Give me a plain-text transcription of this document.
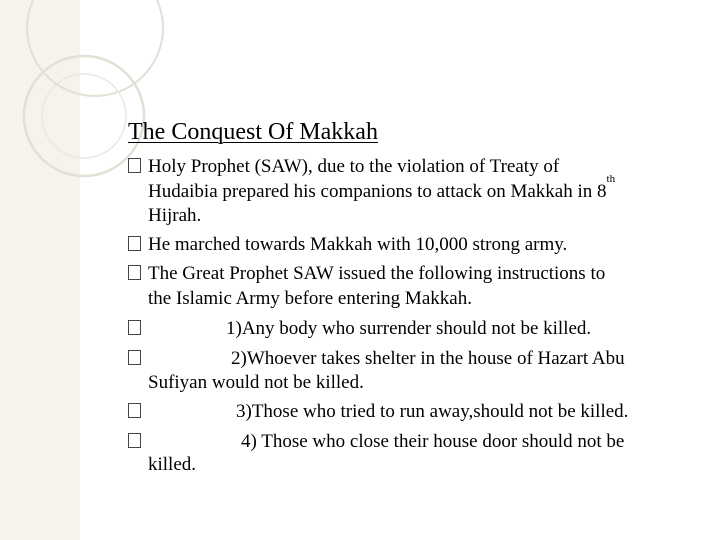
The Conquest Of Makkah
Holy Prophet (SAW), due to the violation of Treaty of
Hudaibia prepared his companions to attack on Makkah in 8th
Hijrah.
He marched towards Makkah with 10,000 strong army.
The Great Prophet SAW issued the following instructions to
the Islamic Army before entering Makkah.
1)Any body who surrender should not be killed.
2)Whoever takes shelter in the house of Hazart Abu
Sufiyan would not be killed.
3)Those who tried to run away,should not be killed.
4) Those who close their house door should not be
killed.
